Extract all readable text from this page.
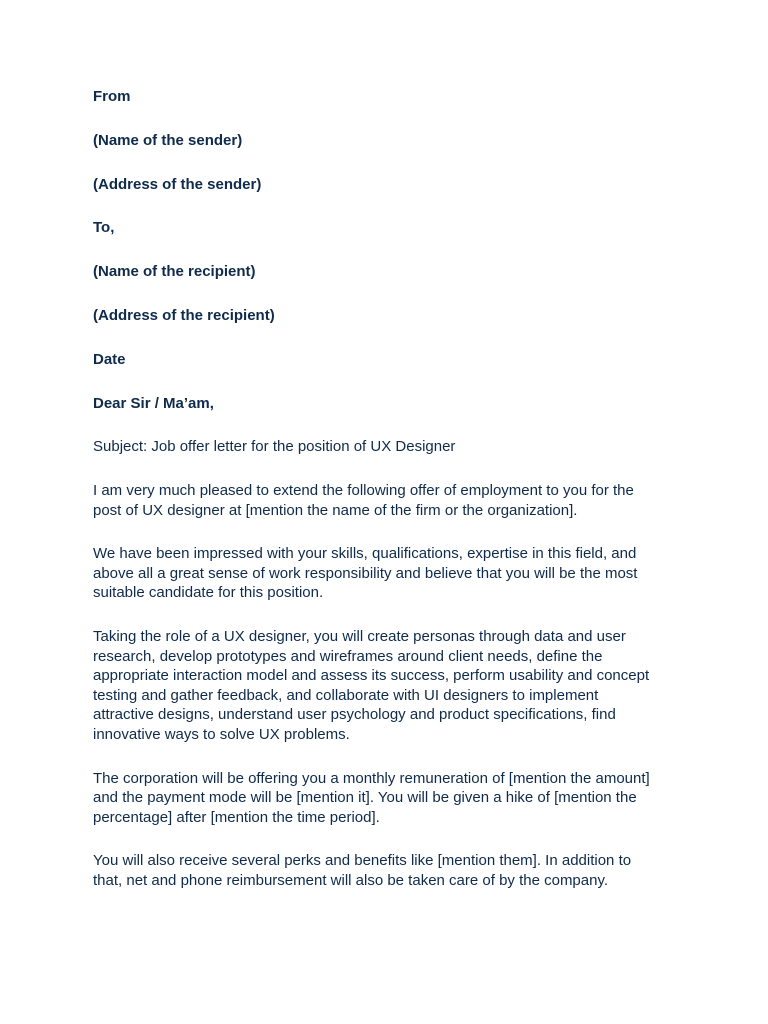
From

(Name of the sender)

(Address of the sender)

To,

(Name of the recipient)

(Address of the recipient)

Date

Dear Sir / Ma’am,

Subject: Job offer letter for the position of UX Designer

I am very much pleased to extend the following offer of employment to you for the
post of UX designer at [mention the name of the firm or the organization].
We have been impressed with your skills, qualifications, expertise in this field, and
above all a great sense of work responsibility and believe that you will be the most
suitable candidate for this position.
Taking the role of a UX designer, you will create personas through data and user
research, develop prototypes and wireframes around client needs, define the
appropriate interaction model and assess its success, perform usability and concept
testing and gather feedback, and collaborate with UI designers to implement
attractive designs, understand user psychology and product specifications, find
innovative ways to solve UX problems.
The corporation will be offering you a monthly remuneration of [mention the amount]
and the payment mode will be [mention it]. You will be given a hike of [mention the
percentage] after [mention the time period].
You will also receive several perks and benefits like [mention them]. In addition to
that, net and phone reimbursement will also be taken care of by the company.
